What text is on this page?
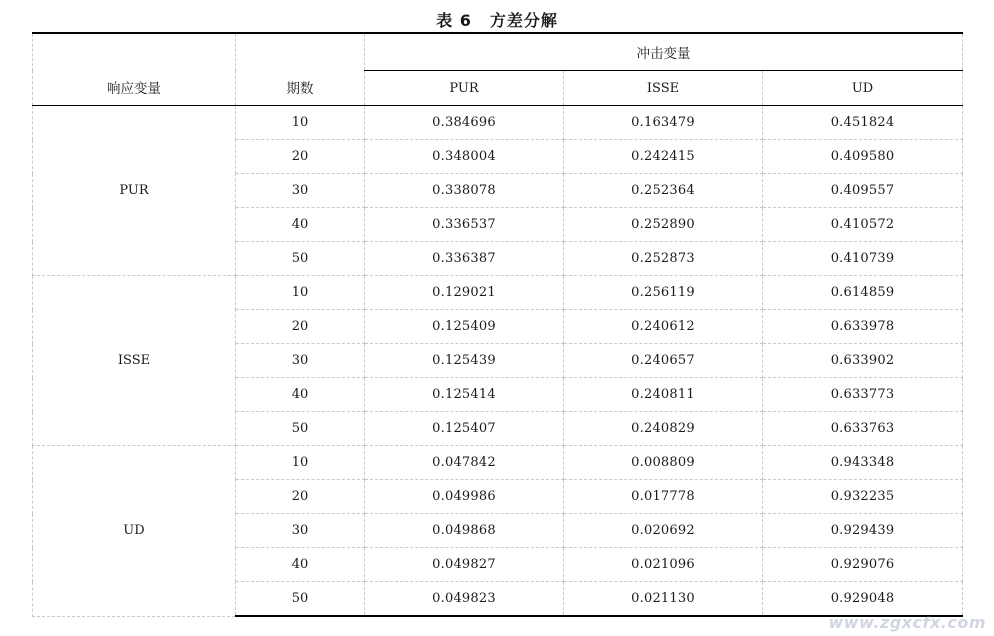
表 6 方差分解
响应变量	期数	冲击变量		
		PUR	ISSE	UD
PUR	10	0.384696	0.163479	0.451824
	20	0.348004	0.242415	0.409580
	30	0.338078	0.252364	0.409557
	40	0.336537	0.252890	0.410572
	50	0.336387	0.252873	0.410739
ISSE	10	0.129021	0.256119	0.614859
	20	0.125409	0.240612	0.633978
	30	0.125439	0.240657	0.633902
	40	0.125414	0.240811	0.633773
	50	0.125407	0.240829	0.633763
UD	10	0.047842	0.008809	0.943348
	20	0.049986	0.017778	0.932235
	30	0.049868	0.020692	0.929439
	40	0.049827	0.021096	0.929076
	50	0.049823	0.021130	0.929048
www.zgxcfx.com
